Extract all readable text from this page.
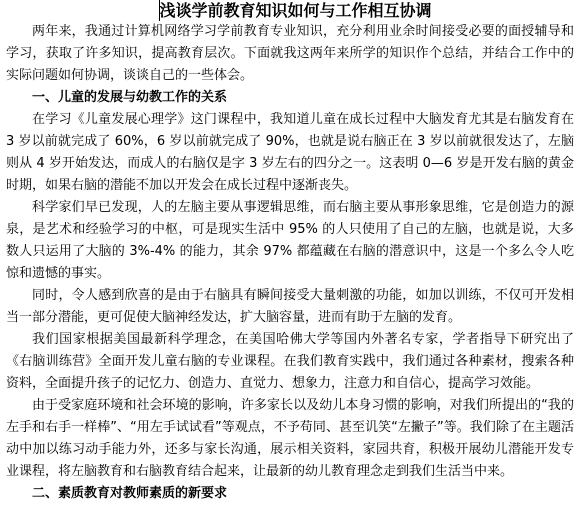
浅谈学前教育知识如何与工作相互协调

两年来，我通过计算机网络学习学前教育专业知识，充分利用业余时间接受必要的面授辅导和学习，获取了许多知识，提高教育层次。下面就我这两年来所学的知识作个总结，并结合工作中的实际问题如何协调，谈谈自己的一些体会。

一、儿童的发展与幼教工作的关系

在学习《儿童发展心理学》这门课程中，我知道儿童在成长过程中大脑发育尤其是右脑发育在 3 岁以前就完成了 60%，6 岁以前就完成了 90%，也就是说右脑正在 3 岁以前就很发达了，左脑则从 4 岁开始发达，而成人的右脑仅是字 3 岁左右的四分之一。这表明 0—6 岁是开发右脑的黄金时期，如果右脑的潜能不加以开发会在成长过程中逐渐丧失。

科学家们早已发现，人的左脑主要从事逻辑思维，而右脑主要从事形象思维，它是创造力的源泉，是艺术和经验学习的中枢，可是现实生活中 95% 的人只使用了自己的左脑，也就是说，大多数人只运用了大脑的 3%-4% 的能力，其余 97% 都蕴藏在右脑的潜意识中，这是一个多么令人吃惊和遗憾的事实。

同时，令人感到欣喜的是由于右脑具有瞬间接受大量刺激的功能，如加以训练，不仅可开发相当一部分潜能，更可促使大脑神经发达，扩大脑容量，进而有助于左脑的发育。

我们国家根据美国最新科学理念，在美国哈佛大学等国内外著名专家，学者指导下研究出了《右脑训练营》全面开发儿童右脑的专业课程。在我们教育实践中，我们通过各种素材，搜索各种资料，全面提升孩子的记忆力、创造力、直觉力、想象力，注意力和自信心，提高学习效能。

由于受家庭环境和社会环境的影响，许多家长以及幼儿本身习惯的影响，对我们所提出的“我的左手和右手一样棒”、“用左手试试看”等观点，不予苟同、甚至讥笑“左撇子”等。我们除了在主题活动中加以练习动手能力外，还多与家长沟通，展示相关资料，家园共育，积极开展幼儿潜能开发专业课程，将左脑教育和右脑教育结合起来，让最新的幼儿教育理念走到我们生活当中来。

二、素质教育对教师素质的新要求
